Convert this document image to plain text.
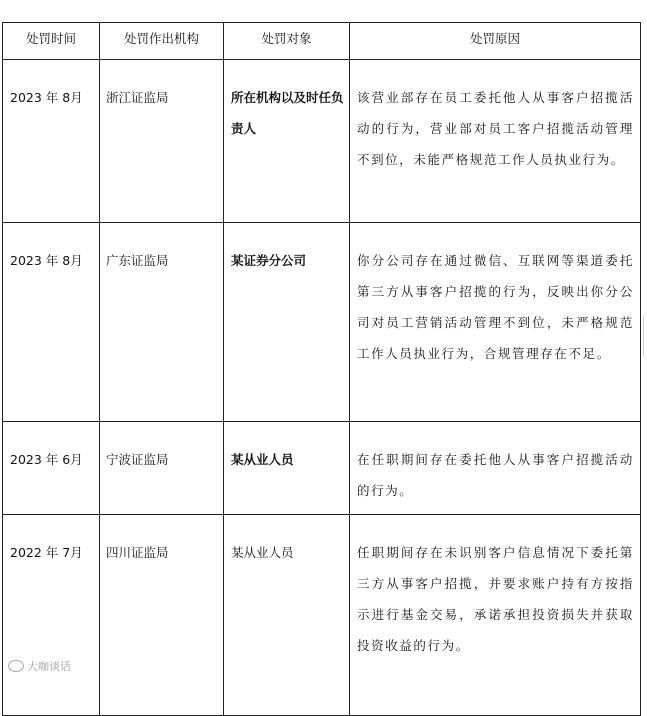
处罚时间	处罚作出机构	处罚对象	处罚原因

2023 年 8月	浙江证监局	所在机构以及时任负责人	该营业部存在员工委托他人从事客户招揽活动的行为，营业部对员工客户招揽活动管理不到位，未能严格规范工作人员执业行为。

2023 年 8月	广东证监局	某证券分公司	你分公司存在通过微信、互联网等渠道委托第三方从事客户招揽的行为，反映出你分公司对员工营销活动管理不到位，未严格规范工作人员执业行为，合规管理存在不足。

2023 年 6月	宁波证监局	某从业人员	在任职期间存在委托他人从事客户招揽活动的行为。

2022 年 7月	四川证监局	某从业人员	任职期间存在未识别客户信息情况下委托第三方从事客户招揽，并要求账户持有方按指示进行基金交易，承诺承担投资损失并获取投资收益的行为。
大咖谈话
